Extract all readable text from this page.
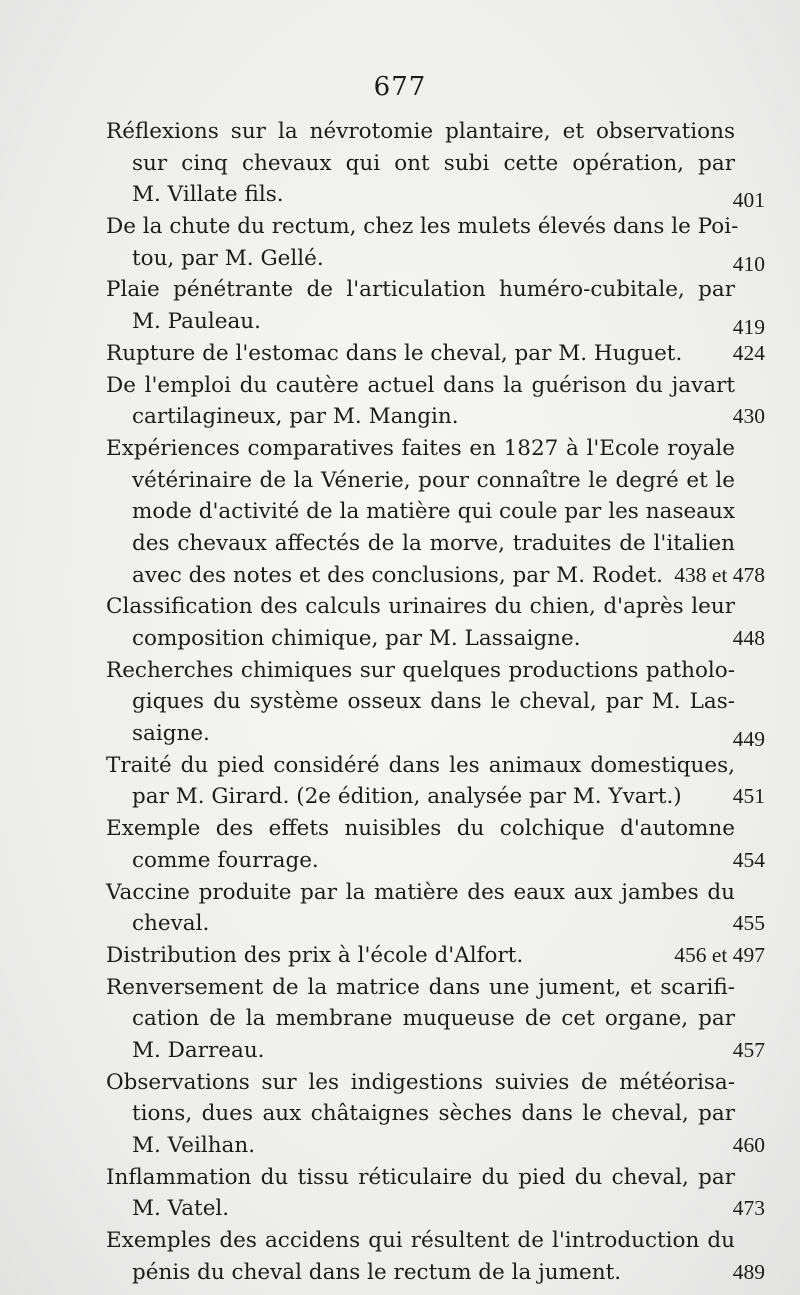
677
Réflexions sur la névrotomie plantaire, et observations
sur cinq chevaux qui ont subi cette opération, par
M. Villate fils.	401
De la chute du rectum, chez les mulets élevés dans le Poi-
tou, par M. Gellé.	410
Plaie pénétrante de l'articulation huméro-cubitale, par
M. Pauleau.	419
Rupture de l'estomac dans le cheval, par M. Huguet.	424
De l'emploi du cautère actuel dans la guérison du javart
cartilagineux, par M. Mangin.	430
Expériences comparatives faites en 1827 à l'Ecole royale
vétérinaire de la Vénerie, pour connaître le degré et le
mode d'activité de la matière qui coule par les naseaux
des chevaux affectés de la morve, traduites de l'italien
avec des notes et des conclusions, par M. Rodet. 438 et 478
Classification des calculs urinaires du chien, d'après leur
composition chimique, par M. Lassaigne.	448
Recherches chimiques sur quelques productions patholo-
giques du système osseux dans le cheval, par M. Las-
saigne.	449
Traité du pied considéré dans les animaux domestiques,
par M. Girard. (2e édition, analysée par M. Yvart.)	451
Exemple des effets nuisibles du colchique d'automne
comme fourrage.	454
Vaccine produite par la matière des eaux aux jambes du
cheval.	455
Distribution des prix à l'école d'Alfort.	456 et 497
Renversement de la matrice dans une jument, et scarifi-
cation de la membrane muqueuse de cet organe, par
M. Darreau.	457
Observations sur les indigestions suivies de météorisa-
tions, dues aux châtaignes sèches dans le cheval, par
M. Veilhan.	460
Inflammation du tissu réticulaire du pied du cheval, par
M. Vatel.	473
Exemples des accidens qui résultent de l'introduction du
pénis du cheval dans le rectum de la jument.	489
